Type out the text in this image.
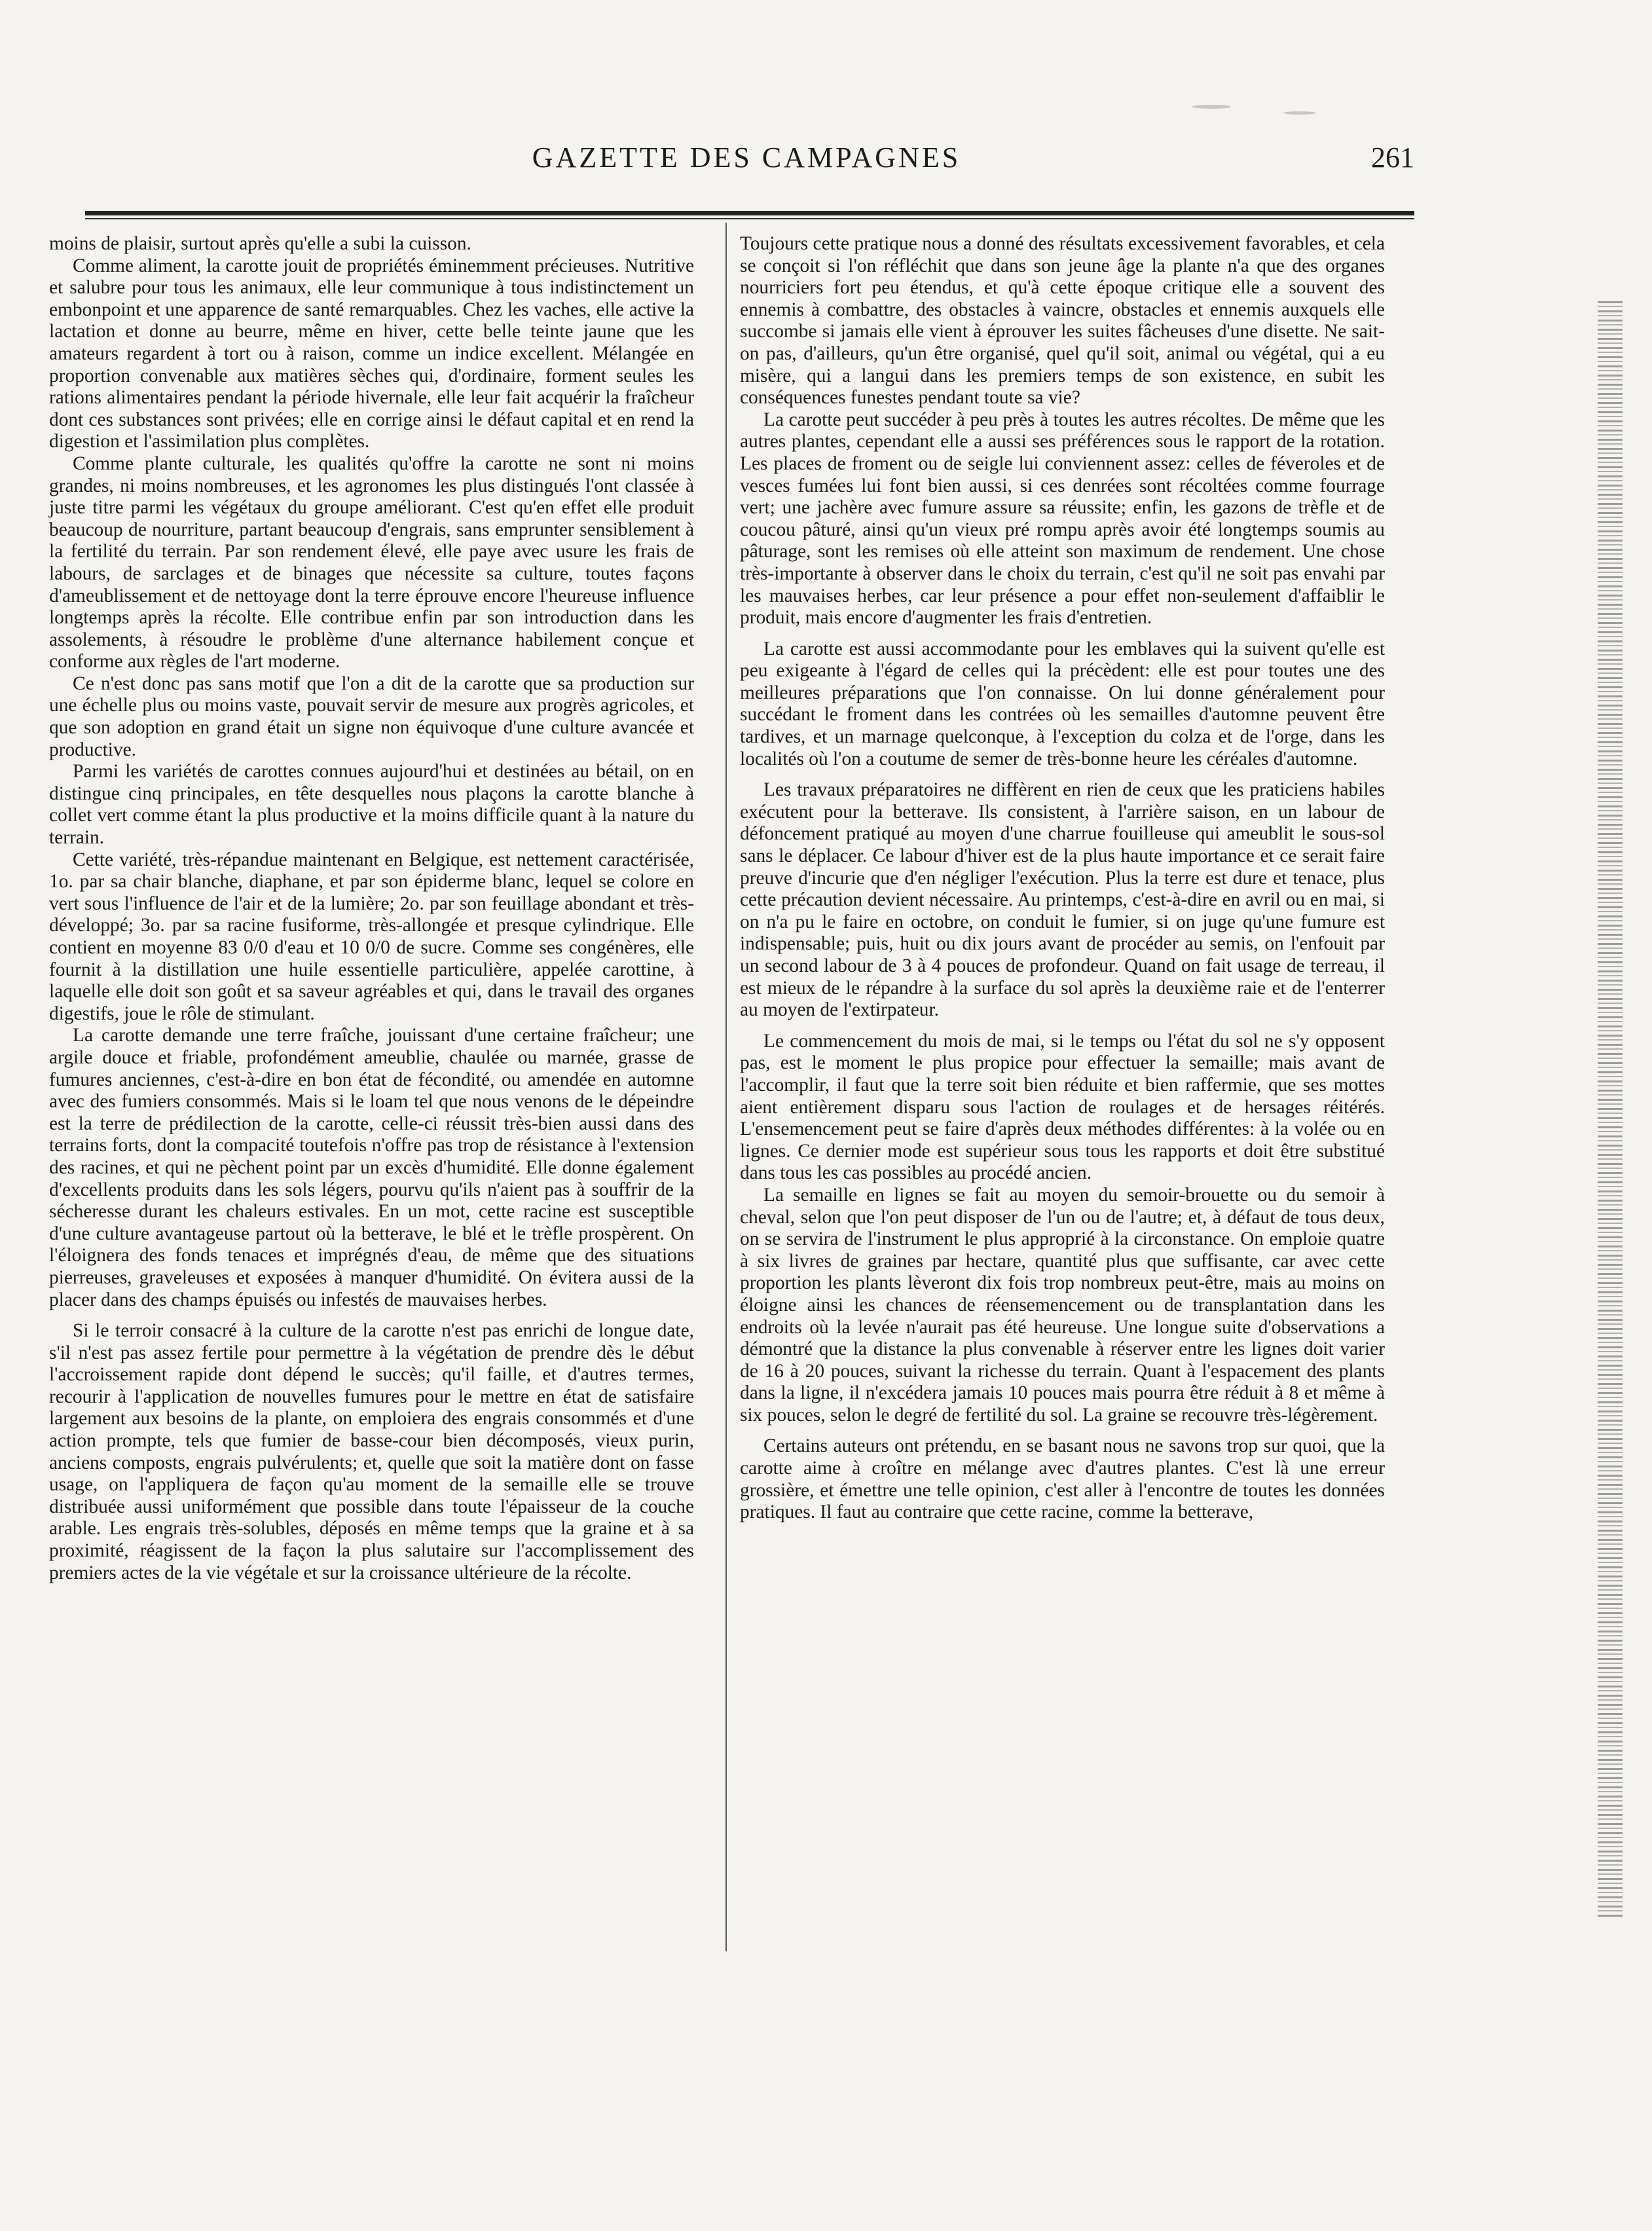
GAZETTE DES CAMPAGNES	261

moins de plaisir, surtout après qu'elle a subi la cuisson.

Comme aliment, la carotte jouit de propriétés éminemment précieuses. Nutritive et salubre pour tous les animaux, elle leur communique à tous indistinctement un embonpoint et une apparence de santé remarquables. Chez les vaches, elle active la lactation et donne au beurre, même en hiver, cette belle teinte jaune que les amateurs regardent à tort ou à raison, comme un indice excellent. Mélangée en proportion convenable aux matières sèches qui, d'ordinaire, forment seules les rations alimentaires pendant la période hivernale, elle leur fait acquérir la fraîcheur dont ces substances sont privées; elle en corrige ainsi le défaut capital et en rend la digestion et l'assimilation plus complètes.

Comme plante culturale, les qualités qu'offre la carotte ne sont ni moins grandes, ni moins nombreuses, et les agronomes les plus distingués l'ont classée à juste titre parmi les végétaux du groupe améliorant. C'est qu'en effet elle produit beaucoup de nourriture, partant beaucoup d'engrais, sans emprunter sensiblement à la fertilité du terrain. Par son rendement élevé, elle paye avec usure les frais de labours, de sarclages et de binages que nécessite sa culture, toutes façons d'ameublissement et de nettoyage dont la terre éprouve encore l'heureuse influence longtemps après la récolte. Elle contribue enfin par son introduction dans les assolements, à résoudre le problème d'une alternance habilement conçue et conforme aux règles de l'art moderne.

Ce n'est donc pas sans motif que l'on a dit de la carotte que sa production sur une échelle plus ou moins vaste, pouvait servir de mesure aux progrès agricoles, et que son adoption en grand était un signe non équivoque d'une culture avancée et productive.

Parmi les variétés de carottes connues aujourd'hui et destinées au bétail, on en distingue cinq principales, en tête desquelles nous plaçons la carotte blanche à collet vert comme étant la plus productive et la moins difficile quant à la nature du terrain.

Cette variété, très-répandue maintenant en Belgique, est nettement caractérisée, 1o. par sa chair blanche, diaphane, et par son épiderme blanc, lequel se colore en vert sous l'influence de l'air et de la lumière; 2o. par son feuillage abondant et très-développé; 3o. par sa racine fusiforme, très-allongée et presque cylindrique. Elle contient en moyenne 83 0/0 d'eau et 10 0/0 de sucre. Comme ses congénères, elle fournit à la distillation une huile essentielle particulière, appelée carottine, à laquelle elle doit son goût et sa saveur agréables et qui, dans le travail des organes digestifs, joue le rôle de stimulant.

La carotte demande une terre fraîche, jouissant d'une certaine fraîcheur; une argile douce et friable, profondément ameublie, chaulée ou marnée, grasse de fumures anciennes, c'est-à-dire en bon état de fécondité, ou amendée en automne avec des fumiers consommés. Mais si le loam tel que nous venons de le dépeindre est la terre de prédilection de la carotte, celle-ci réussit très-bien aussi dans des terrains forts, dont la compacité toutefois n'offre pas trop de résistance à l'extension des racines, et qui ne pèchent point par un excès d'humidité. Elle donne également d'excellents produits dans les sols légers, pourvu qu'ils n'aient pas à souffrir de la sécheresse durant les chaleurs estivales. En un mot, cette racine est susceptible d'une culture avantageuse partout où la betterave, le blé et le trèfle prospèrent. On l'éloignera des fonds tenaces et imprégnés d'eau, de même que des situations pierreuses, graveleuses et exposées à manquer d'humidité. On évitera aussi de la placer dans des champs épuisés ou infestés de mauvaises herbes.

Si le terroir consacré à la culture de la carotte n'est pas enrichi de longue date, s'il n'est pas assez fertile pour permettre à la végétation de prendre dès le début l'accroissement rapide dont dépend le succès; qu'il faille, et d'autres termes, recourir à l'application de nouvelles fumures pour le mettre en état de satisfaire largement aux besoins de la plante, on emploiera des engrais consommés et d'une action prompte, tels que fumier de basse-cour bien décomposés, vieux purin, anciens composts, engrais pulvérulents; et, quelle que soit la matière dont on fasse usage, on l'appliquera de façon qu'au moment de la semaille elle se trouve distribuée aussi uniformément que possible dans toute l'épaisseur de la couche arable. Les engrais très-solubles, déposés en même temps que la graine et à sa proximité, réagissent de la façon la plus salutaire sur l'accomplissement des premiers actes de la vie végétale et sur la croissance ultérieure de la récolte.

Toujours cette pratique nous a donné des résultats excessivement favorables, et cela se conçoit si l'on réfléchit que dans son jeune âge la plante n'a que des organes nourriciers fort peu étendus, et qu'à cette époque critique elle a souvent des ennemis à combattre, des obstacles à vaincre, obstacles et ennemis auxquels elle succombe si jamais elle vient à éprouver les suites fâcheuses d'une disette. Ne sait-on pas, d'ailleurs, qu'un être organisé, quel qu'il soit, animal ou végétal, qui a eu misère, qui a langui dans les premiers temps de son existence, en subit les conséquences funestes pendant toute sa vie?

La carotte peut succéder à peu près à toutes les autres récoltes. De même que les autres plantes, cependant elle a aussi ses préférences sous le rapport de la rotation. Les places de froment ou de seigle lui conviennent assez: celles de féveroles et de vesces fumées lui font bien aussi, si ces denrées sont récoltées comme fourrage vert; une jachère avec fumure assure sa réussite; enfin, les gazons de trèfle et de coucou pâturé, ainsi qu'un vieux pré rompu après avoir été longtemps soumis au pâturage, sont les remises où elle atteint son maximum de rendement. Une chose très-importante à observer dans le choix du terrain, c'est qu'il ne soit pas envahi par les mauvaises herbes, car leur présence a pour effet non-seulement d'affaiblir le produit, mais encore d'augmenter les frais d'entretien.

La carotte est aussi accommodante pour les emblaves qui la suivent qu'elle est peu exigeante à l'égard de celles qui la précèdent: elle est pour toutes une des meilleures préparations que l'on connaisse. On lui donne généralement pour succédant le froment dans les contrées où les semailles d'automne peuvent être tardives, et un marnage quelconque, à l'exception du colza et de l'orge, dans les localités où l'on a coutume de semer de très-bonne heure les céréales d'automne.

Les travaux préparatoires ne diffèrent en rien de ceux que les praticiens habiles exécutent pour la betterave. Ils consistent, à l'arrière saison, en un labour de défoncement pratiqué au moyen d'une charrue fouilleuse qui ameublit le sous-sol sans le déplacer. Ce labour d'hiver est de la plus haute importance et ce serait faire preuve d'incurie que d'en négliger l'exécution. Plus la terre est dure et tenace, plus cette précaution devient nécessaire. Au printemps, c'est-à-dire en avril ou en mai, si on n'a pu le faire en octobre, on conduit le fumier, si on juge qu'une fumure est indispensable; puis, huit ou dix jours avant de procéder au semis, on l'enfouit par un second labour de 3 à 4 pouces de profondeur. Quand on fait usage de terreau, il est mieux de le répandre à la surface du sol après la deuxième raie et de l'enterrer au moyen de l'extirpateur.

Le commencement du mois de mai, si le temps ou l'état du sol ne s'y opposent pas, est le moment le plus propice pour effectuer la semaille; mais avant de l'accomplir, il faut que la terre soit bien réduite et bien raffermie, que ses mottes aient entièrement disparu sous l'action de roulages et de hersages réitérés. L'ensemencement peut se faire d'après deux méthodes différentes: à la volée ou en lignes. Ce dernier mode est supérieur sous tous les rapports et doit être substitué dans tous les cas possibles au procédé ancien.

La semaille en lignes se fait au moyen du semoir-brouette ou du semoir à cheval, selon que l'on peut disposer de l'un ou de l'autre; et, à défaut de tous deux, on se servira de l'instrument le plus approprié à la circonstance. On emploie quatre à six livres de graines par hectare, quantité plus que suffisante, car avec cette proportion les plants lèveront dix fois trop nombreux peut-être, mais au moins on éloigne ainsi les chances de réensemencement ou de transplantation dans les endroits où la levée n'aurait pas été heureuse. Une longue suite d'observations a démontré que la distance la plus convenable à réserver entre les lignes doit varier de 16 à 20 pouces, suivant la richesse du terrain. Quant à l'espacement des plants dans la ligne, il n'excédera jamais 10 pouces mais pourra être réduit à 8 et même à six pouces, selon le degré de fertilité du sol. La graine se recouvre très-légèrement.

Certains auteurs ont prétendu, en se basant nous ne savons trop sur quoi, que la carotte aime à croître en mélange avec d'autres plantes. C'est là une erreur grossière, et émettre une telle opinion, c'est aller à l'encontre de toutes les données pratiques. Il faut au contraire que cette racine, comme la betterave,
